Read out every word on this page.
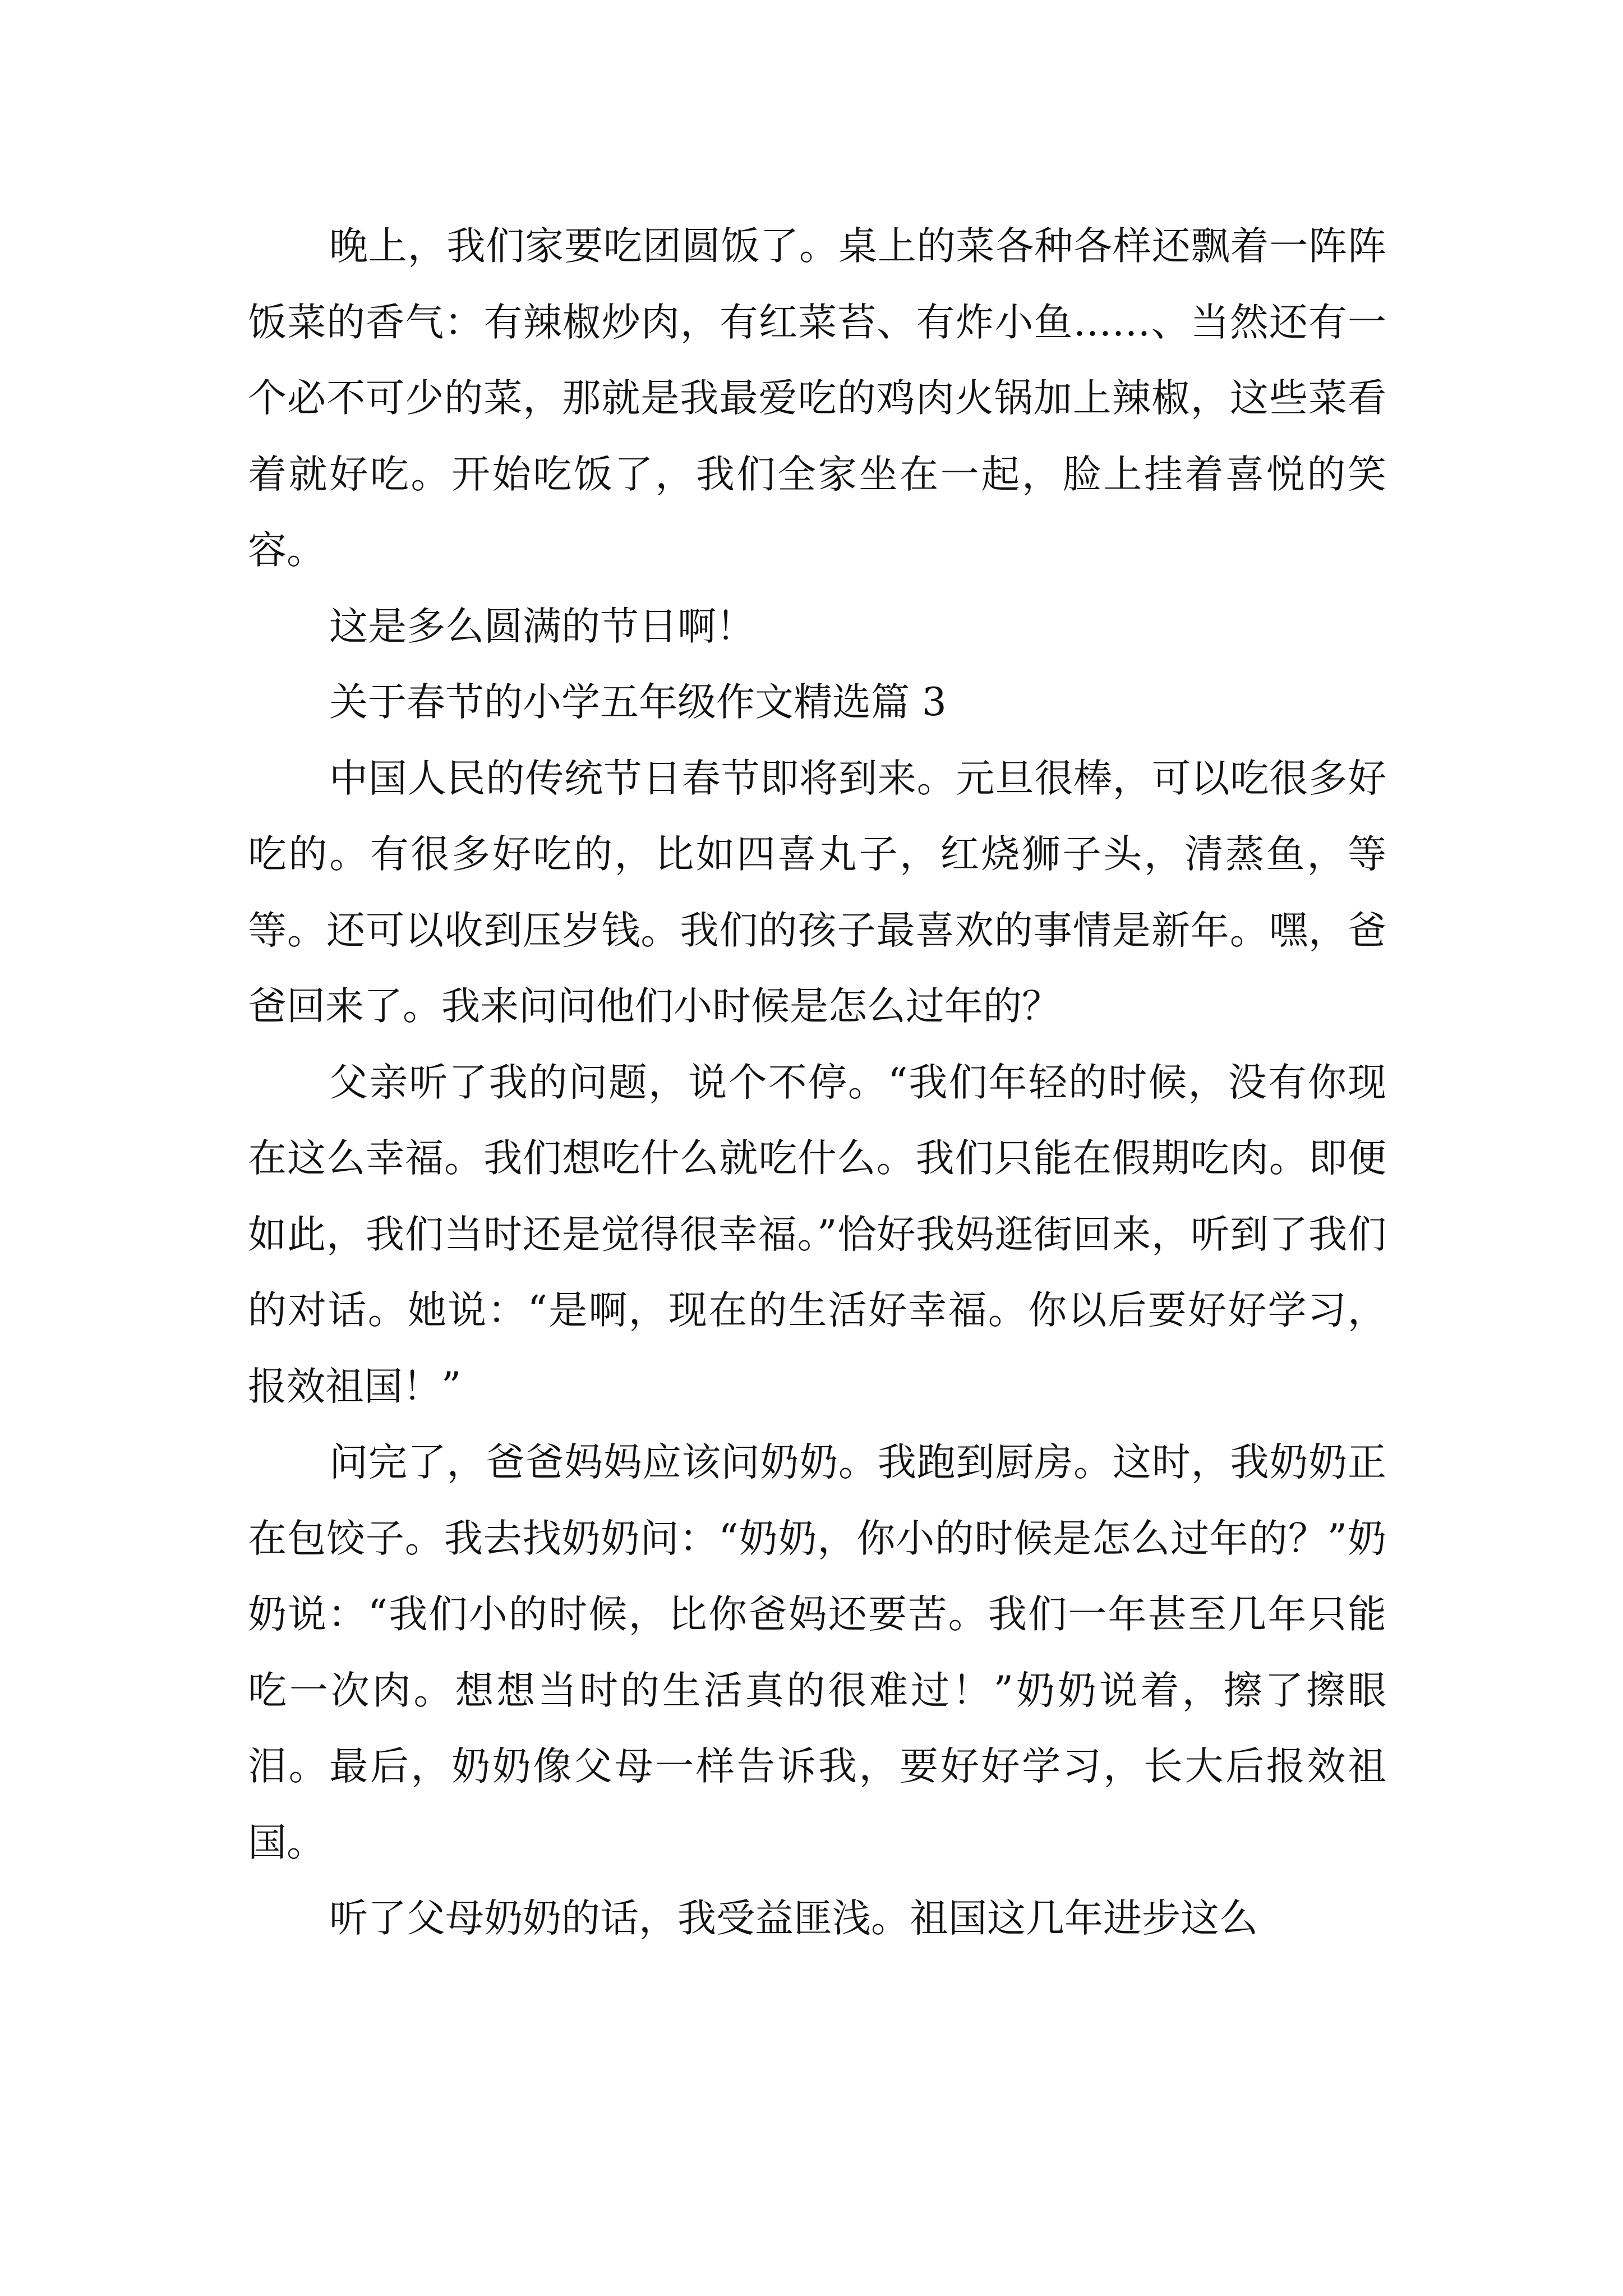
晚上，我们家要吃团圆饭了。桌上的菜各种各样还飘着一阵阵饭菜的香气：有辣椒炒肉，有红菜苔、有炸小鱼……、当然还有一个必不可少的菜，那就是我最爱吃的鸡肉火锅加上辣椒，这些菜看着就好吃。开始吃饭了，我们全家坐在一起，脸上挂着喜悦的笑容。

这是多么圆满的节日啊！

关于春节的小学五年级作文精选篇 3

中国人民的传统节日春节即将到来。元旦很棒，可以吃很多好吃的。有很多好吃的，比如四喜丸子，红烧狮子头，清蒸鱼，等等。还可以收到压岁钱。我们的孩子最喜欢的事情是新年。嘿，爸爸回来了。我来问问他们小时候是怎么过年的？

父亲听了我的问题，说个不停。“我们年轻的时候，没有你现在这么幸福。我们想吃什么就吃什么。我们只能在假期吃肉。即便如此，我们当时还是觉得很幸福。”恰好我妈逛街回来，听到了我们的对话。她说：“是啊，现在的生活好幸福。你以后要好好学习，报效祖国！”

问完了，爸爸妈妈应该问奶奶。我跑到厨房。这时，我奶奶正在包饺子。我去找奶奶问：“奶奶，你小的时候是怎么过年的？”奶奶说：“我们小的时候，比你爸妈还要苦。我们一年甚至几年只能吃一次肉。想想当时的生活真的很难过！”奶奶说着，擦了擦眼泪。最后，奶奶像父母一样告诉我，要好好学习，长大后报效祖国。

听了父母奶奶的话，我受益匪浅。祖国这几年进步这么
